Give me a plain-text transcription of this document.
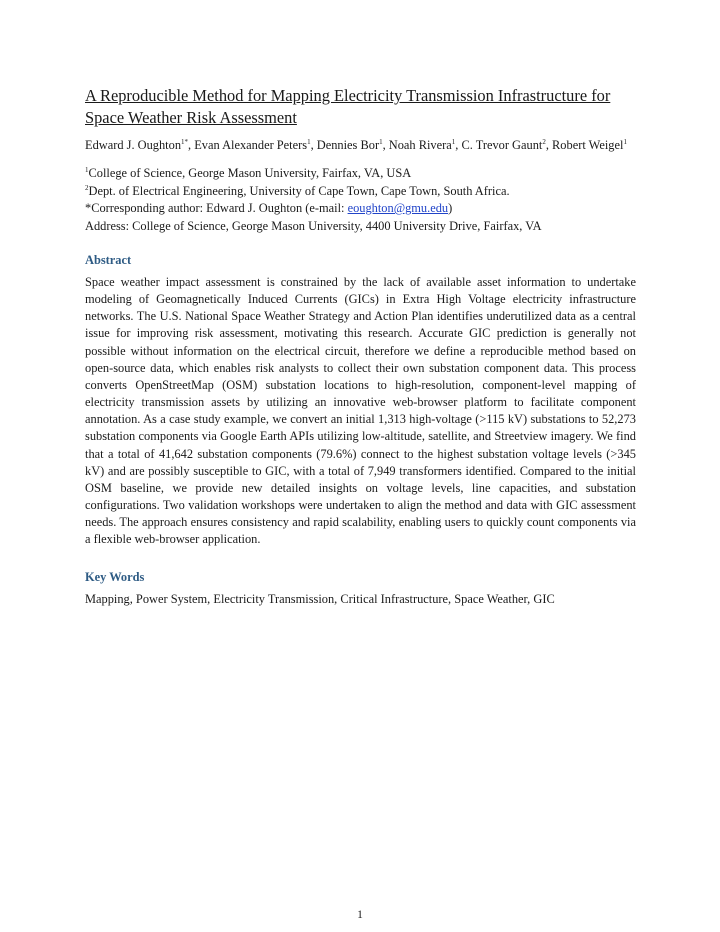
A Reproducible Method for Mapping Electricity Transmission Infrastructure for Space Weather Risk Assessment

Edward J. Oughton$^{1*}$, Evan Alexander Peters$^1$, Dennies Bor$^1$, Noah Rivera$^1$, C. Trevor Gaunt$^2$, Robert Weigel$^1$

$^1$College of Science, George Mason University, Fairfax, VA, USA
$^2$Dept. of Electrical Engineering, University of Cape Town, Cape Town, South Africa.
*Corresponding author: Edward J. Oughton (e-mail: eoughton@gmu.edu)
Address: College of Science, George Mason University, 4400 University Drive, Fairfax, VA
Abstract

Space weather impact assessment is constrained by the lack of available asset information to undertake modeling of Geomagnetically Induced Currents (GICs) in Extra High Voltage electricity infrastructure networks. The U.S. National Space Weather Strategy and Action Plan identifies underutilized data as a central issue for improving risk assessment, motivating this research. Accurate GIC prediction is generally not possible without information on the electrical circuit, therefore we define a reproducible method based on open-source data, which enables risk analysts to collect their own substation component data. This process converts OpenStreetMap (OSM) substation locations to high-resolution, component-level mapping of electricity transmission assets by utilizing an innovative web-browser platform to facilitate component annotation. As a case study example, we convert an initial 1,313 high-voltage (>115 kV) substations to 52,273 substation components via Google Earth APIs utilizing low-altitude, satellite, and Streetview imagery. We find that a total of 41,642 substation components (79.6%) connect to the highest substation voltage levels (>345 kV) and are possibly susceptible to GIC, with a total of 7,949 transformers identified. Compared to the initial OSM baseline, we provide new detailed insights on voltage levels, line capacities, and substation configurations. Two validation workshops were undertaken to align the method and data with GIC assessment needs. The approach ensures consistency and rapid scalability, enabling users to quickly count components via a flexible web-browser application.

Key Words

Mapping, Power System, Electricity Transmission, Critical Infrastructure, Space Weather, GIC

1
